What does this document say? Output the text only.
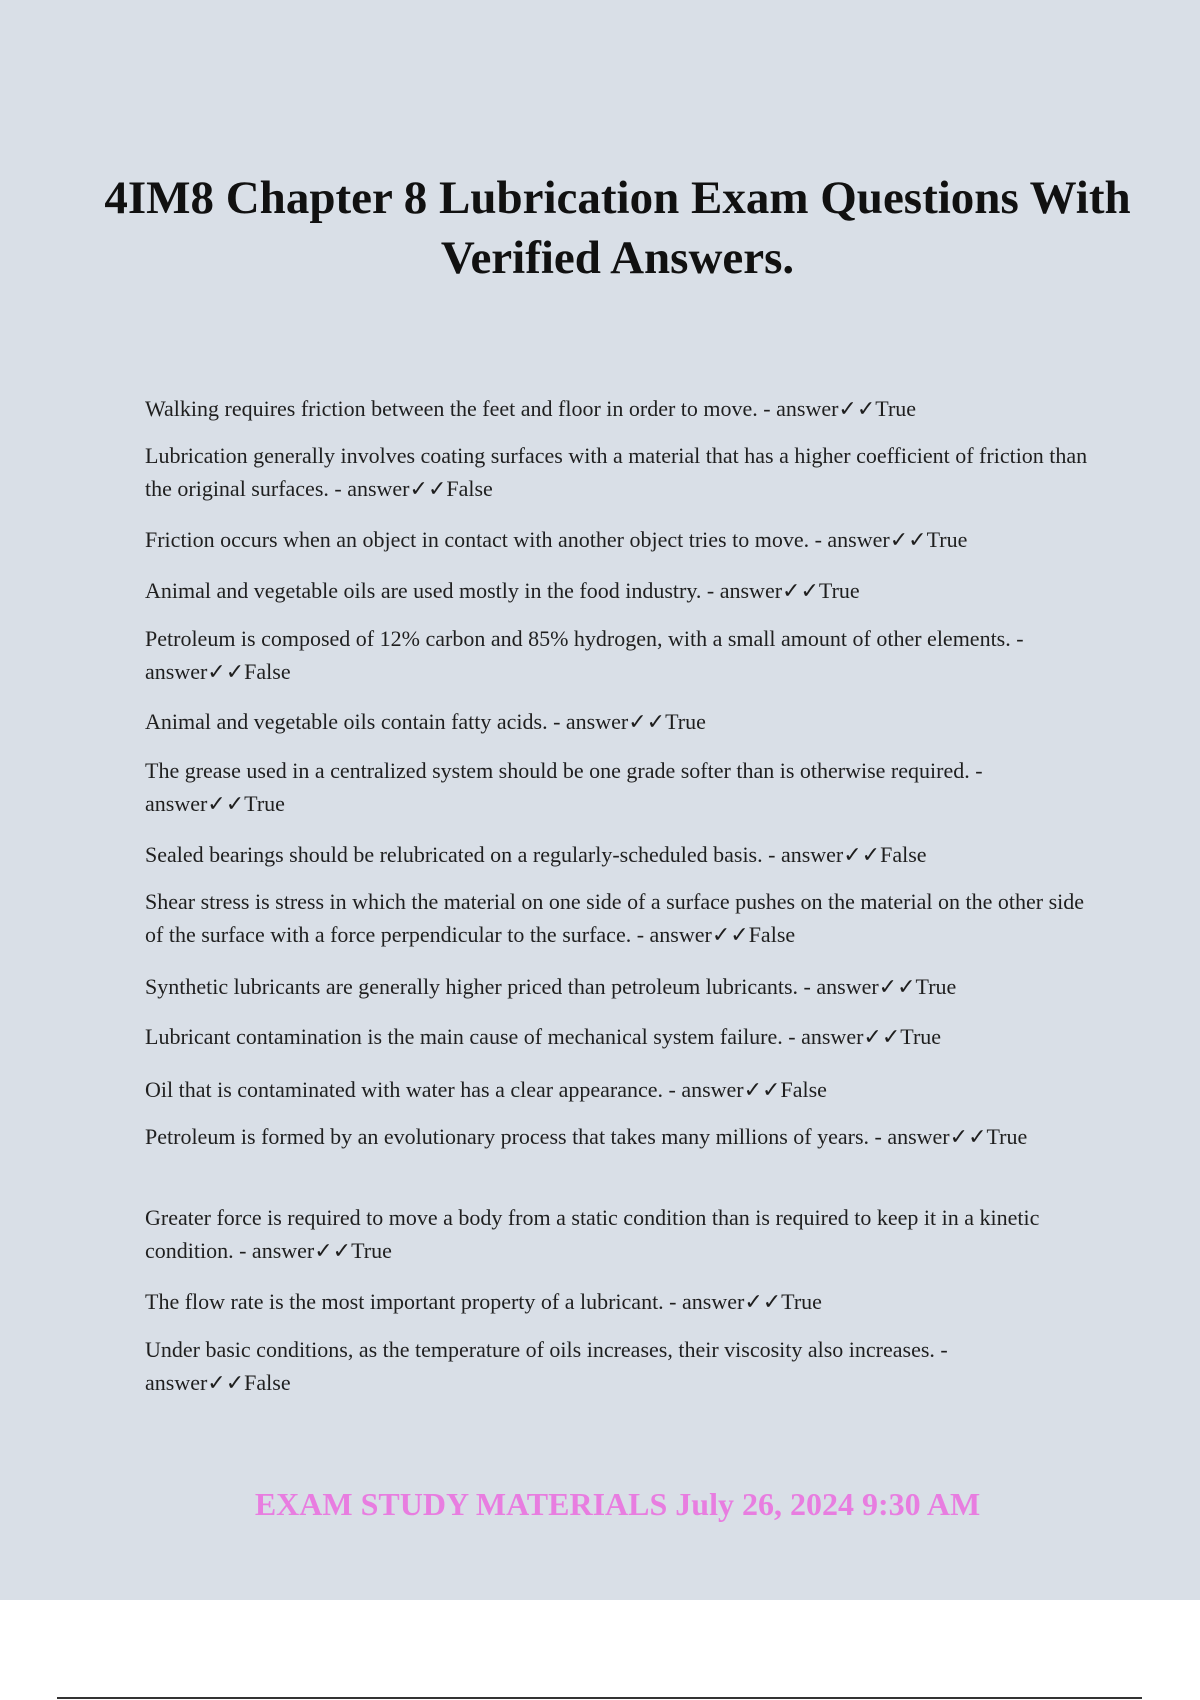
4IM8 Chapter 8 Lubrication Exam Questions With Verified Answers.
Walking requires friction between the feet and floor in order to move. - answer✓✓True
Lubrication generally involves coating surfaces with a material that has a higher coefficient of friction than the original surfaces. - answer✓✓False
Friction occurs when an object in contact with another object tries to move. - answer✓✓True
Animal and vegetable oils are used mostly in the food industry. - answer✓✓True
Petroleum is composed of 12% carbon and 85% hydrogen, with a small amount of other elements. - answer✓✓False
Animal and vegetable oils contain fatty acids. - answer✓✓True
The grease used in a centralized system should be one grade softer than is otherwise required. - answer✓✓True
Sealed bearings should be relubricated on a regularly-scheduled basis. - answer✓✓False
Shear stress is stress in which the material on one side of a surface pushes on the material on the other side of the surface with a force perpendicular to the surface. - answer✓✓False
Synthetic lubricants are generally higher priced than petroleum lubricants. - answer✓✓True
Lubricant contamination is the main cause of mechanical system failure. - answer✓✓True
Oil that is contaminated with water has a clear appearance. - answer✓✓False
Petroleum is formed by an evolutionary process that takes many millions of years. - answer✓✓True
Greater force is required to move a body from a static condition than is required to keep it in a kinetic condition. - answer✓✓True
The flow rate is the most important property of a lubricant. - answer✓✓True
Under basic conditions, as the temperature of oils increases, their viscosity also increases. - answer✓✓False
EXAM STUDY MATERIALS July 26, 2024 9:30 AM
